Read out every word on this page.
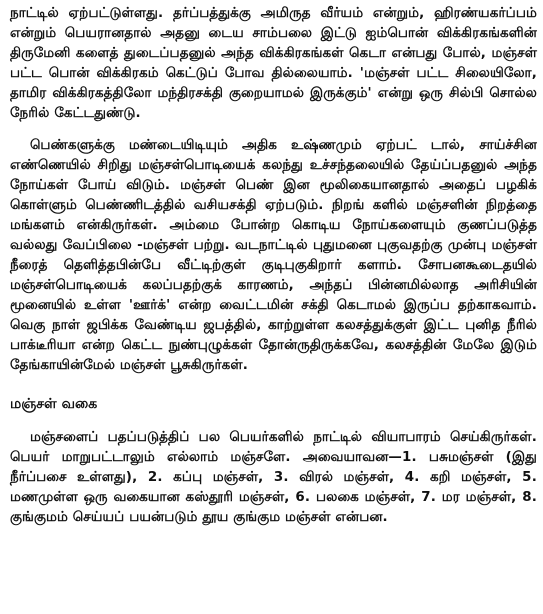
நாட்டில் ஏற்பட்டுள்ளது. தர்ப்பத்துக்கு அமிருத வீர்யம் என்றும், ஹிரண்யகர்ப்பம் என்றும் பெயரானதால் அதனு டைய சாம்பலை இட்டு ஐம்பொன் விக்கிரகங்களின் திருமேனி களைத் துடைப்பதனுல் அந்த விக்கிரகங்கள் கெடா என்பது போல், மஞ்சள் பட்ட பொன் விக்கிரகம் கெட்டுப் போவ தில்லையாம். 'மஞ்சள் பட்ட சிலையிலோ, தாமிர விக்கிரகத்திலோ மந்திரசக்தி குறையாமல் இருக்கும்' என்று ஒரு சில்பி சொல்ல நேரில் கேட்டதுண்டு.

பெண்களுக்கு மண்டையிடியும் அதிக உஷ்ணமும் ஏற்பட் டால், சாய்ச்சின எண்ணெயில் சிறிது மஞ்சள்பொடியைக் கலந்து உச்சந்தலையில் தேய்ப்பதனுல் அந்த நோய்கள் போய் விடும். மஞ்சள் பெண் இன மூலிகையானதால் அதைப் பழகிக் கொள்ளும் பெண்ணிடத்தில் வசியசக்தி ஏற்படும். நிறங் களில் மஞ்சளின் நிறத்தை மங்களம் என்கிருர்கள். அம்மை போன்ற கொடிய நோய்களையும் குணப்படுத்த வல்லது வேப்பிலை -மஞ்சள் பற்று. வடநாட்டில் புதுமனை புகுவதற்கு முன்பு மஞ்சள் நீரைத் தெளித்தபின்பே வீட்டிற்குள் குடிபுகுகிறார் களாம். சோபனகூடைதயில் மஞ்சள்பொடியைக் கலப்பதற்குக் காரணம், அந்தப் பின்னமில்லாத அரிசியின் மூனையில் உள்ள 'ஊர்க்' என்ற வைட்டமின் சக்தி கெடாமல் இருப்ப தற்காகவாம். வெகு நாள் ஜபிக்க வேண்டிய ஜபத்தில், காற்றுள்ள கலசத்துக்குள் இட்ட புனித நீரில் பாக்டீரியா என்ற கெட்ட நுண்புழுக்கள் தோன்ருதிருக்கவே, கலசத்தின் மேலே இடும் தேங்காயின்மேல் மஞ்சள் பூசுகிருர்கள்.

மஞ்சள் வகை

மஞ்சளைப் பதப்படுத்திப் பல பெயர்களில் நாட்டில் வியாபாரம் செய்கிருர்கள். பெயர் மாறுபட்டாலும் எல்லாம் மஞ்சளே. அவையாவன—1. பசுமஞ்சள் (இது நீர்ப்பசை உள்ளது), 2. கப்பு மஞ்சள், 3. விரல் மஞ்சள், 4. கறி மஞ்சள், 5. மணமுள்ள ஒரு வகையான கஸ்தூரி மஞ்சள், 6. பலகை மஞ்சள், 7. மர மஞ்சள், 8. குங்குமம் செய்யப் பயன்படும் தூய குங்கும மஞ்சள் என்பன.
